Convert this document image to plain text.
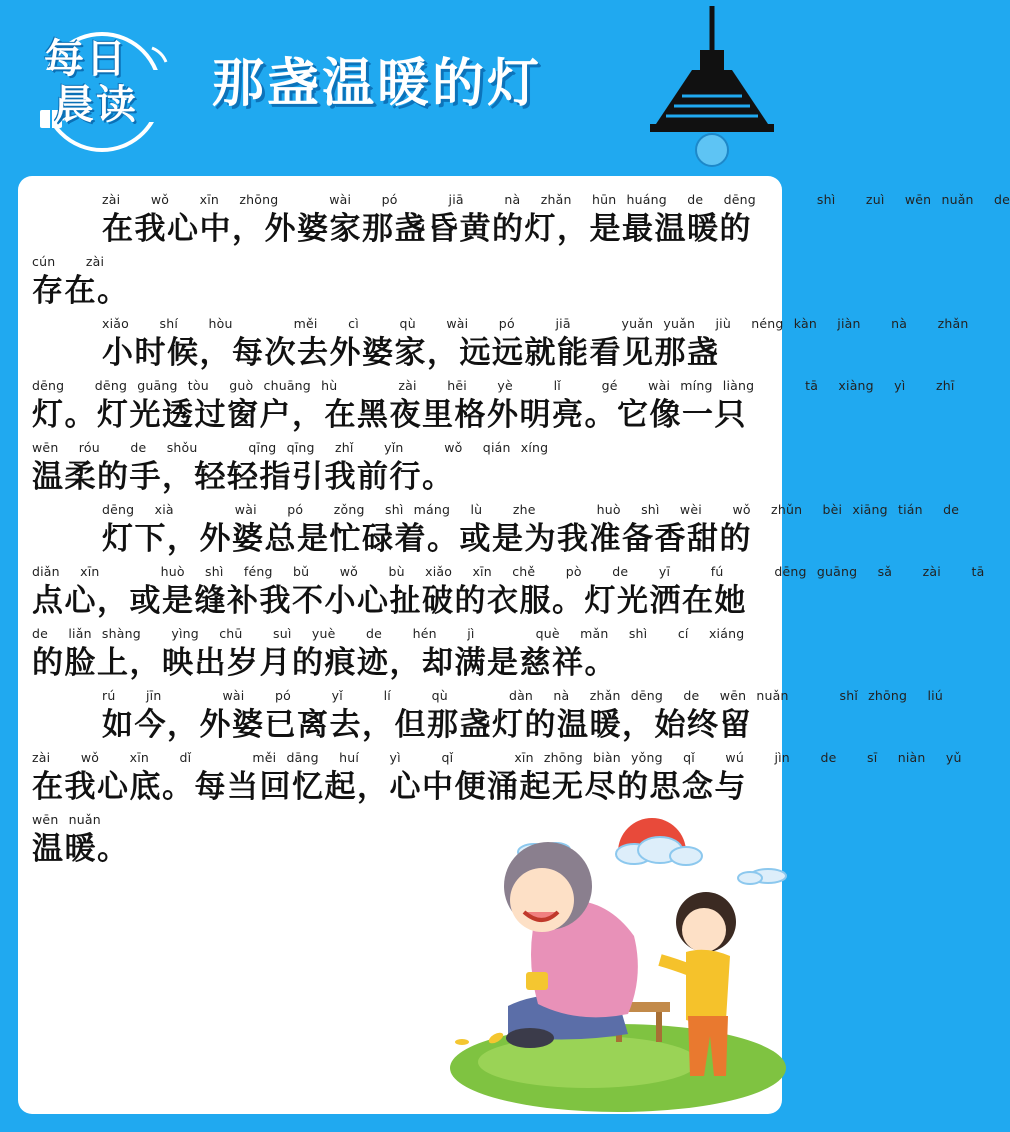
每日
晨读	那盏温暖的灯
zài   wǒ   xīn  zhōng     wài   pó     jiā    nà  zhǎn  hūn huáng  de  dēng      shì   zuì  wēn nuǎn  de
在我心中，外婆家那盏昏黄的灯，是最温暖的
cún   zài
存在。
xiǎo   shí   hòu      měi   cì    qù   wài   pó    jiā     yuǎn yuǎn  jiù  néng kàn  jiàn   nà   zhǎn
小时候，每次去外婆家，远远就能看见那盏
dēng   dēng guāng tòu  guò chuāng hù      zài   hēi   yè    lǐ    gé   wài míng liàng     tā  xiàng  yì   zhī
灯。灯光透过窗户，在黑夜里格外明亮。它像一只
wēn  róu   de  shǒu     qīng qīng  zhǐ   yǐn    wǒ  qián xíng
温柔的手，轻轻指引我前行。
dēng  xià      wài   pó   zǒng  shì máng  lù   zhe      huò  shì  wèi   wǒ  zhǔn  bèi xiāng tián  de
灯下，外婆总是忙碌着。或是为我准备香甜的
diǎn  xīn      huò  shì  féng  bǔ   wǒ   bù  xiǎo  xīn  chě   pò   de   yī    fú     dēng guāng  sǎ   zài   tā
点心，或是缝补我不小心扯破的衣服。灯光洒在她
de  liǎn shàng   yìng  chū   suì  yuè   de   hén   jì      què  mǎn  shì   cí  xiáng
的脸上，映出岁月的痕迹，却满是慈祥。
rú   jīn      wài   pó    yǐ    lí    qù      dàn  nà  zhǎn dēng  de  wēn nuǎn     shǐ zhōng  liú
如今，外婆已离去，但那盏灯的温暖，始终留
zài   wǒ   xīn   dǐ      měi dāng  huí   yì    qǐ      xīn zhōng biàn yǒng  qǐ   wú   jìn   de   sī  niàn  yǔ
在我心底。每当回忆起，心中便涌起无尽的思念与
wēn nuǎn
温暖。
